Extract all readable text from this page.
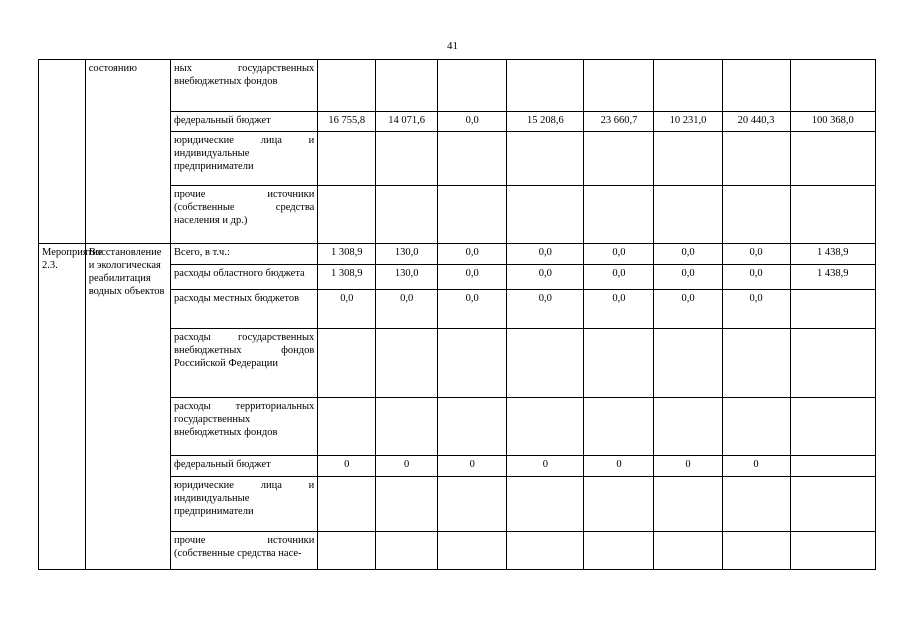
41
	состоянию	ных государственных внебюджетных фондов								
		федеральный бюджет	16 755,8	14 071,6	0,0	15 208,6	23 660,7	10 231,0	20 440,3	100 368,0
		юридические лица и индивидуальные предприниматели								
		прочие источники (собственные средства населения и др.)								
Мероприятие 2.3.	Восстановление и экологическая реабилитация водных объектов	Всего, в т.ч.:	1 308,9	130,0	0,0	0,0	0,0	0,0	0,0	1 438,9
		расходы областного бюджета	1 308,9	130,0	0,0	0,0	0,0	0,0	0,0	1 438,9
		расходы местных бюджетов	0,0	0,0	0,0	0,0	0,0	0,0	0,0	
		расходы государственных внебюджетных фондов Российской Федерации								
		расходы территориальных государственных внебюджетных фондов								
		федеральный бюджет	0	0	0	0	0	0	0	
		юридические лица и индивидуальные предприниматели								
		прочие источники (собственные средства насе-								
